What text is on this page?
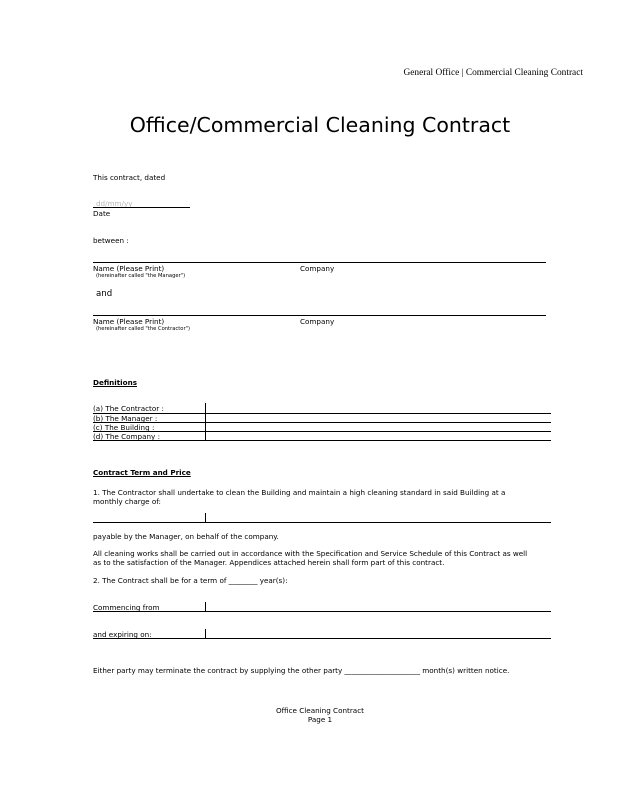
General Office | Commercial Cleaning Contract
Office/Commercial Cleaning Contract
This contract, dated
dd/mm/yy
Date
between :
Name (Please Print)	Company
(hereinafter called "the Manager")
and
Name (Please Print)	Company
(hereinafter called "the Contractor")
Definitions
(a) The Contractor :
(b) The Manager :
(c) The Building :
(d) The Company :
Contract Term and Price
1. The Contractor shall undertake to clean the Building and maintain a high cleaning standard in said Building at a
monthly charge of:
payable by the Manager, on behalf of the company.
All cleaning works shall be carried out in accordance with the Specification and Service Schedule of this Contract as well
as to the satisfaction of the Manager. Appendices attached herein shall form part of this contract.
2. The Contract shall be for a term of ________ year(s):
Commencing from
and expiring on:
Either party may terminate the contract by supplying the other party _____________________ month(s) written notice.
Office Cleaning Contract
Page 1
